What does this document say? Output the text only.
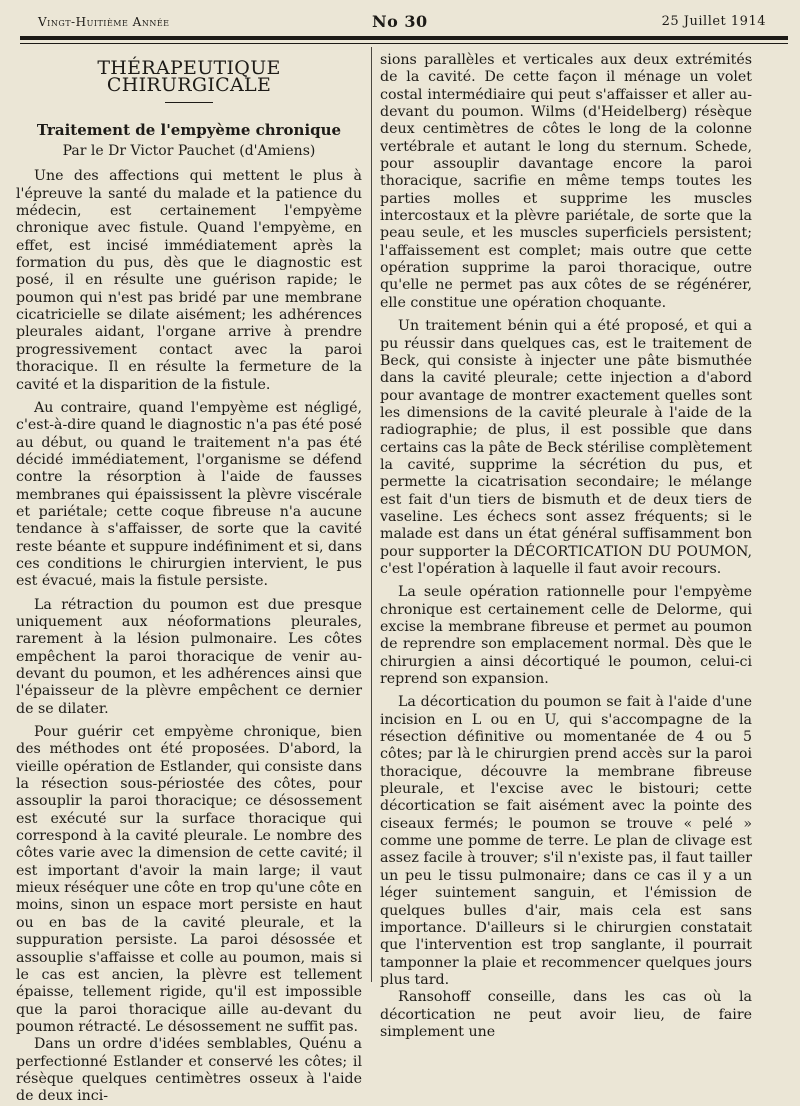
Vingt-Huitième Année	No 30	25 Juillet 1914
THÉRAPEUTIQUE CHIRURGICALE
Traitement de l'empyème chronique
Par le Dr Victor Pauchet (d'Amiens)

Une des affections qui mettent le plus à l'épreuve la santé du malade et la patience du médecin, est certainement l'empyème chronique avec fistule. Quand l'empyème, en effet, est incisé immédiatement après la formation du pus, dès que le diagnostic est posé, il en résulte une guérison rapide; le poumon qui n'est pas bridé par une membrane cicatricielle se dilate aisément; les adhérences pleurales aidant, l'organe arrive à prendre progressivement contact avec la paroi thoracique. Il en résulte la fermeture de la cavité et la disparition de la fistule.

Au contraire, quand l'empyème est négligé, c'est-à-dire quand le diagnostic n'a pas été posé au début, ou quand le traitement n'a pas été décidé immédiatement, l'organisme se défend contre la résorption à l'aide de fausses membranes qui épaississent la plèvre viscérale et pariétale; cette coque fibreuse n'a aucune tendance à s'affaisser, de sorte que la cavité reste béante et suppure indéfiniment et si, dans ces conditions le chirurgien intervient, le pus est évacué, mais la fistule persiste.

La rétraction du poumon est due presque uniquement aux néoformations pleurales, rarement à la lésion pulmonaire. Les côtes empêchent la paroi thoracique de venir au-devant du poumon, et les adhérences ainsi que l'épaisseur de la plèvre empêchent ce dernier de se dilater.

Pour guérir cet empyème chronique, bien des méthodes ont été proposées. D'abord, la vieille opération de Estlander, qui consiste dans la résection sous-périostée des côtes, pour assouplir la paroi thoracique; ce désossement est exécuté sur la surface thoracique qui correspond à la cavité pleurale. Le nombre des côtes varie avec la dimension de cette cavité; il est important d'avoir la main large; il vaut mieux réséquer une côte en trop qu'une côte en moins, sinon un espace mort persiste en haut ou en bas de la cavité pleurale, et la suppuration persiste. La paroi désossée et assouplie s'affaisse et colle au poumon, mais si le cas est ancien, la plèvre est tellement épaisse, tellement rigide, qu'il est impossible que la paroi thoracique aille au-devant du poumon rétracté. Le désossement ne suffit pas.

Dans un ordre d'idées semblables, Quénu a perfectionné Estlander et conservé les côtes; il résèque quelques centimètres osseux à l'aide de deux inci-

sions parallèles et verticales aux deux extrémités de la cavité. De cette façon il ménage un volet costal intermédiaire qui peut s'affaisser et aller au-devant du poumon. Wilms (d'Heidelberg) résèque deux centimètres de côtes le long de la colonne vertébrale et autant le long du sternum. Schede, pour assouplir davantage encore la paroi thoracique, sacrifie en même temps toutes les parties molles et supprime les muscles intercostaux et la plèvre pariétale, de sorte que la peau seule, et les muscles superficiels persistent; l'affaissement est complet; mais outre que cette opération supprime la paroi thoracique, outre qu'elle ne permet pas aux côtes de se régénérer, elle constitue une opération choquante.

Un traitement bénin qui a été proposé, et qui a pu réussir dans quelques cas, est le traitement de Beck, qui consiste à injecter une pâte bismuthée dans la cavité pleurale; cette injection a d'abord pour avantage de montrer exactement quelles sont les dimensions de la cavité pleurale à l'aide de la radiographie; de plus, il est possible que dans certains cas la pâte de Beck stérilise complètement la cavité, supprime la sécrétion du pus, et permette la cicatrisation secondaire; le mélange est fait d'un tiers de bismuth et de deux tiers de vaseline. Les échecs sont assez fréquents; si le malade est dans un état général suffisamment bon pour supporter la DÉCORTICATION DU POUMON, c'est l'opération à laquelle il faut avoir recours.

La seule opération rationnelle pour l'empyème chronique est certainement celle de Delorme, qui excise la membrane fibreuse et permet au poumon de reprendre son emplacement normal. Dès que le chirurgien a ainsi décortiqué le poumon, celui-ci reprend son expansion.

La décortication du poumon se fait à l'aide d'une incision en L ou en U, qui s'accompagne de la résection définitive ou momentanée de 4 ou 5 côtes; par là le chirurgien prend accès sur la paroi thoracique, découvre la membrane fibreuse pleurale, et l'excise avec le bistouri; cette décortication se fait aisément avec la pointe des ciseaux fermés; le poumon se trouve « pelé » comme une pomme de terre. Le plan de clivage est assez facile à trouver; s'il n'existe pas, il faut tailler un peu le tissu pulmonaire; dans ce cas il y a un léger suintement sanguin, et l'émission de quelques bulles d'air, mais cela est sans importance. D'ailleurs si le chirurgien constatait que l'intervention est trop sanglante, il pourrait tamponner la plaie et recommencer quelques jours plus tard.

Ransohoff conseille, dans les cas où la décortication ne peut avoir lieu, de faire simplement une
